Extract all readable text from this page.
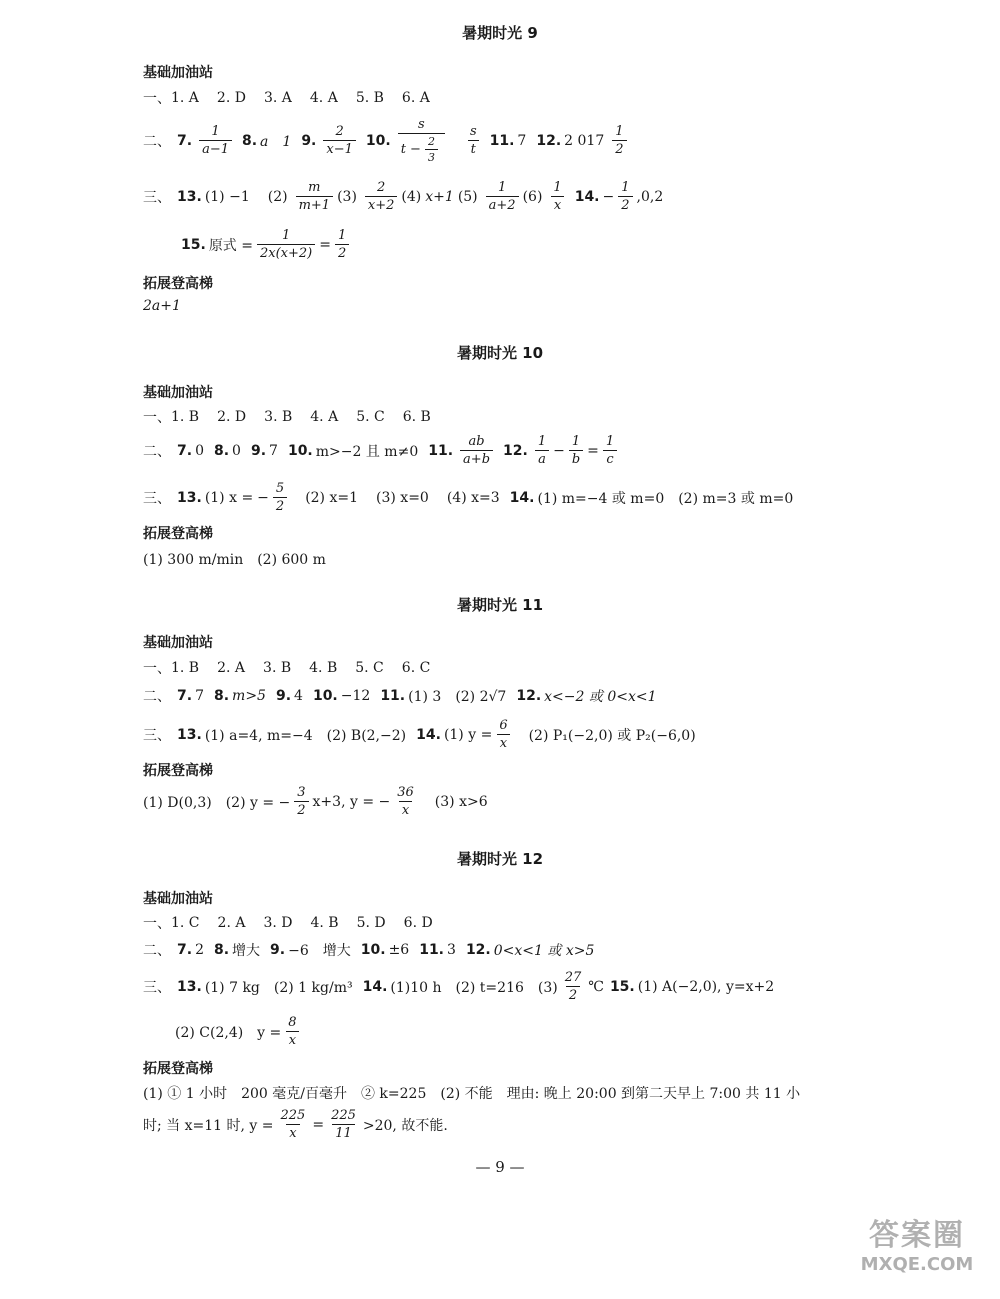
暑期时光 9
基础加油站
一、 1. A 2. D 3. A 4. A 5. B 6. A
二、 7. $\frac{1}{a-1} 8$. a　1 9. $\frac{2}{x-1} 10$. $\frac{s}{t - \frac{2}{3}} \frac{s}{t} 11$. 7 12. 2 $017 \frac{1}{2}$
三、 13. (1) −1 $(2) \frac{m}{m+1} (3) \frac{2}{x+2} (4)$ x+1 $(5) \frac{1}{a+2} (6) \frac{1}{x} 14$. − $\frac{1}{2} ,0,2$
15. 原式 = $\frac{1}{2x(x+2)} = \frac{1}{2}$
拓展登高梯
2a+1
暑期时光 10
基础加油站
一、 1. B 2. D 3. B 4. A 5. C 6. B
二、 7. 0 8. 0 9. 7 10. m>−2 且 m≠0 11. $\frac{ab}{a+b} 12$. $\frac{1}{a} - \frac{1}{b} = \frac{1}{c}$
三、 13. (1) x = − $\frac{5}{2} (2)$ x=1 (3) x=0 (4) x=3 14. (1) m=−4 或 m=0　(2) m=3 或 m=0
拓展登高梯
(1) 300 m/min　(2) 600 m
暑期时光 11
基础加油站
一、 1. B 2. A 3. B 4. B 5. C 6. C
二、 7. 7 8. m>5 9. 4 10. −12 11. (1) 3　(2) 2√7 12. x<−2 或 0<x<1
三、 13. (1) a=4, m=−4　(2) B(2,−2) 14. (1) $y = \frac{6}{x} (2)$ P₁(−2,0) 或 P₂(−6,0)
拓展登高梯
(1) D(0,3)　(2) y = − $\frac{3}{2} x+3$, y = − $\frac{36}{x} (3)$ x>6
暑期时光 12
基础加油站
一、 1. C 2. A 3. D 4. B 5. D 6. D
二、 7. 2 8. 增大 9. −6　增大 10. ±6 11. 3 12. 0<x<1 或 x>5
三、 13. (1) 7 kg　(2) 1 kg/m³ 14. (1)10 h　(2) t=216　$(3) \frac{27}{2}$ ℃ 15. (1) A(−2,0), y=x+2
(2) C(2,4)　$y = \frac{8}{x}$
拓展登高梯
(1) ① 1 小时　200 毫克/百毫升　② k=225　(2) 不能　理由: 晚上 20:00 到第二天早上 7:00 共 11 小
时; 当 x=11 时, $y = \frac{225}{x} = \frac{225}{11} >20$, 故不能.
— 9 —
答案圈
MXQE.COM
